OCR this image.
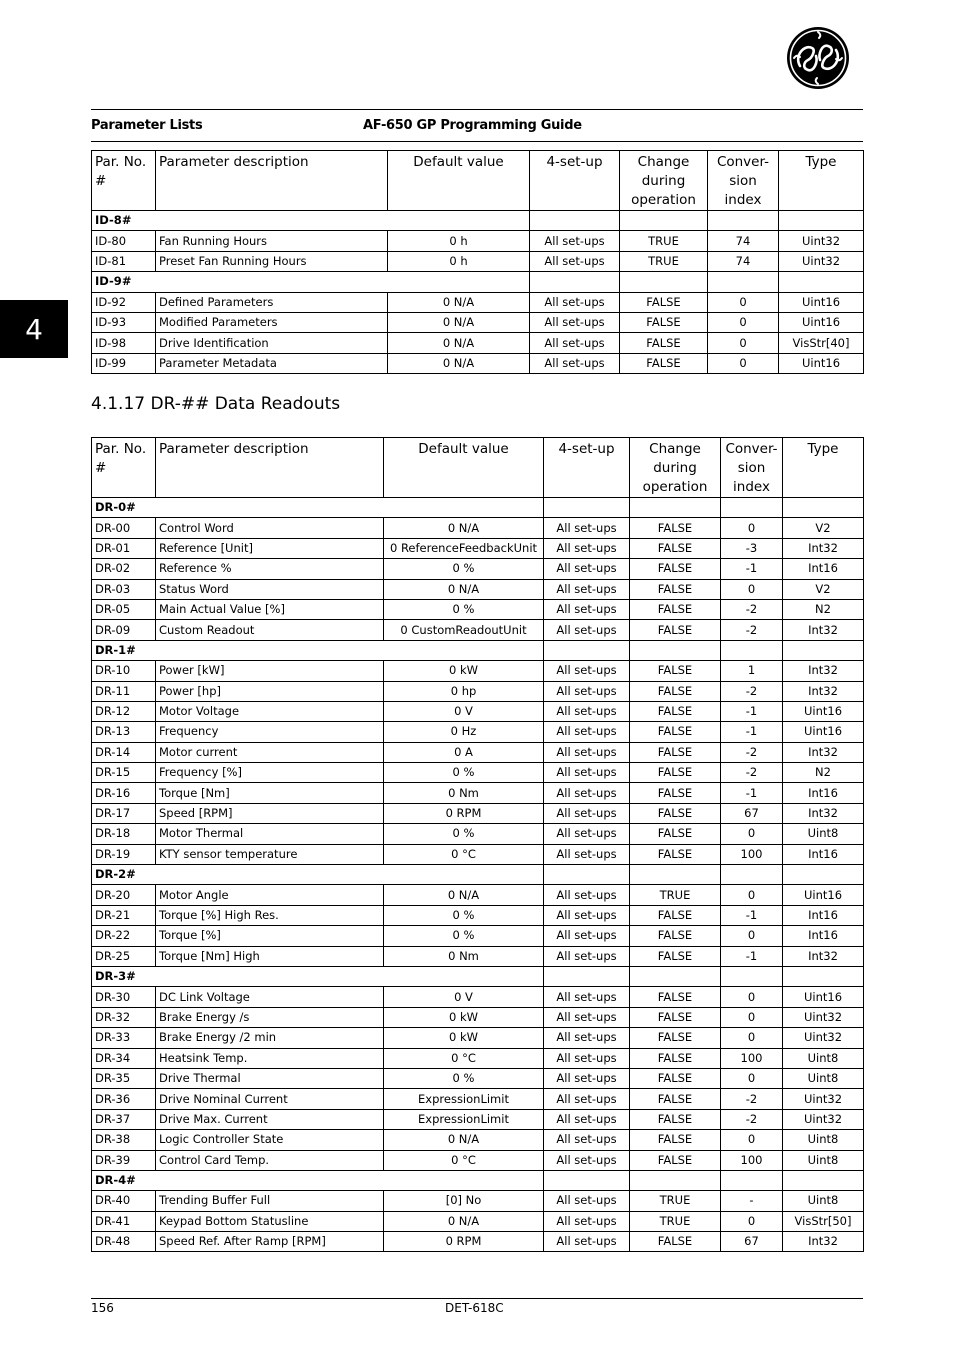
Parameter Lists	AF-650 GP Programming Guide
4
Par. No. #	Parameter description	Default value	4-set-up	Change during operation	Conver-sion index	Type
ID-8#						
ID-80	Fan Running Hours	0 h	All set-ups	TRUE	74	Uint32
ID-81	Preset Fan Running Hours	0 h	All set-ups	TRUE	74	Uint32
ID-9#						
ID-92	Defined Parameters	0 N/A	All set-ups	FALSE	0	Uint16
ID-93	Modified Parameters	0 N/A	All set-ups	FALSE	0	Uint16
ID-98	Drive Identification	0 N/A	All set-ups	FALSE	0	VisStr[40]
ID-99	Parameter Metadata	0 N/A	All set-ups	FALSE	0	Uint16
4.1.17 DR-## Data Readouts
Par. No. #	Parameter description	Default value	4-set-up	Change during operation	Conver-sion index	Type
DR-0#						
DR-00	Control Word	0 N/A	All set-ups	FALSE	0	V2
DR-01	Reference [Unit]	0 ReferenceFeedbackUnit	All set-ups	FALSE	-3	Int32
DR-02	Reference %	0 %	All set-ups	FALSE	-1	Int16
DR-03	Status Word	0 N/A	All set-ups	FALSE	0	V2
DR-05	Main Actual Value [%]	0 %	All set-ups	FALSE	-2	N2
DR-09	Custom Readout	0 CustomReadoutUnit	All set-ups	FALSE	-2	Int32
DR-1#						
DR-10	Power [kW]	0 kW	All set-ups	FALSE	1	Int32
DR-11	Power [hp]	0 hp	All set-ups	FALSE	-2	Int32
DR-12	Motor Voltage	0 V	All set-ups	FALSE	-1	Uint16
DR-13	Frequency	0 Hz	All set-ups	FALSE	-1	Uint16
DR-14	Motor current	0 A	All set-ups	FALSE	-2	Int32
DR-15	Frequency [%]	0 %	All set-ups	FALSE	-2	N2
DR-16	Torque [Nm]	0 Nm	All set-ups	FALSE	-1	Int16
DR-17	Speed [RPM]	0 RPM	All set-ups	FALSE	67	Int32
DR-18	Motor Thermal	0 %	All set-ups	FALSE	0	Uint8
DR-19	KTY sensor temperature	0 °C	All set-ups	FALSE	100	Int16
DR-2#						
DR-20	Motor Angle	0 N/A	All set-ups	TRUE	0	Uint16
DR-21	Torque [%] High Res.	0 %	All set-ups	FALSE	-1	Int16
DR-22	Torque [%]	0 %	All set-ups	FALSE	0	Int16
DR-25	Torque [Nm] High	0 Nm	All set-ups	FALSE	-1	Int32
DR-3#						
DR-30	DC Link Voltage	0 V	All set-ups	FALSE	0	Uint16
DR-32	Brake Energy /s	0 kW	All set-ups	FALSE	0	Uint32
DR-33	Brake Energy /2 min	0 kW	All set-ups	FALSE	0	Uint32
DR-34	Heatsink Temp.	0 °C	All set-ups	FALSE	100	Uint8
DR-35	Drive Thermal	0 %	All set-ups	FALSE	0	Uint8
DR-36	Drive Nominal Current	ExpressionLimit	All set-ups	FALSE	-2	Uint32
DR-37	Drive Max. Current	ExpressionLimit	All set-ups	FALSE	-2	Uint32
DR-38	Logic Controller State	0 N/A	All set-ups	FALSE	0	Uint8
DR-39	Control Card Temp.	0 °C	All set-ups	FALSE	100	Uint8
DR-4#						
DR-40	Trending Buffer Full	[0] No	All set-ups	TRUE	-	Uint8
DR-41	Keypad Bottom Statusline	0 N/A	All set-ups	TRUE	0	VisStr[50]
DR-48	Speed Ref. After Ramp [RPM]	0 RPM	All set-ups	FALSE	67	Int32
156	DET-618C
